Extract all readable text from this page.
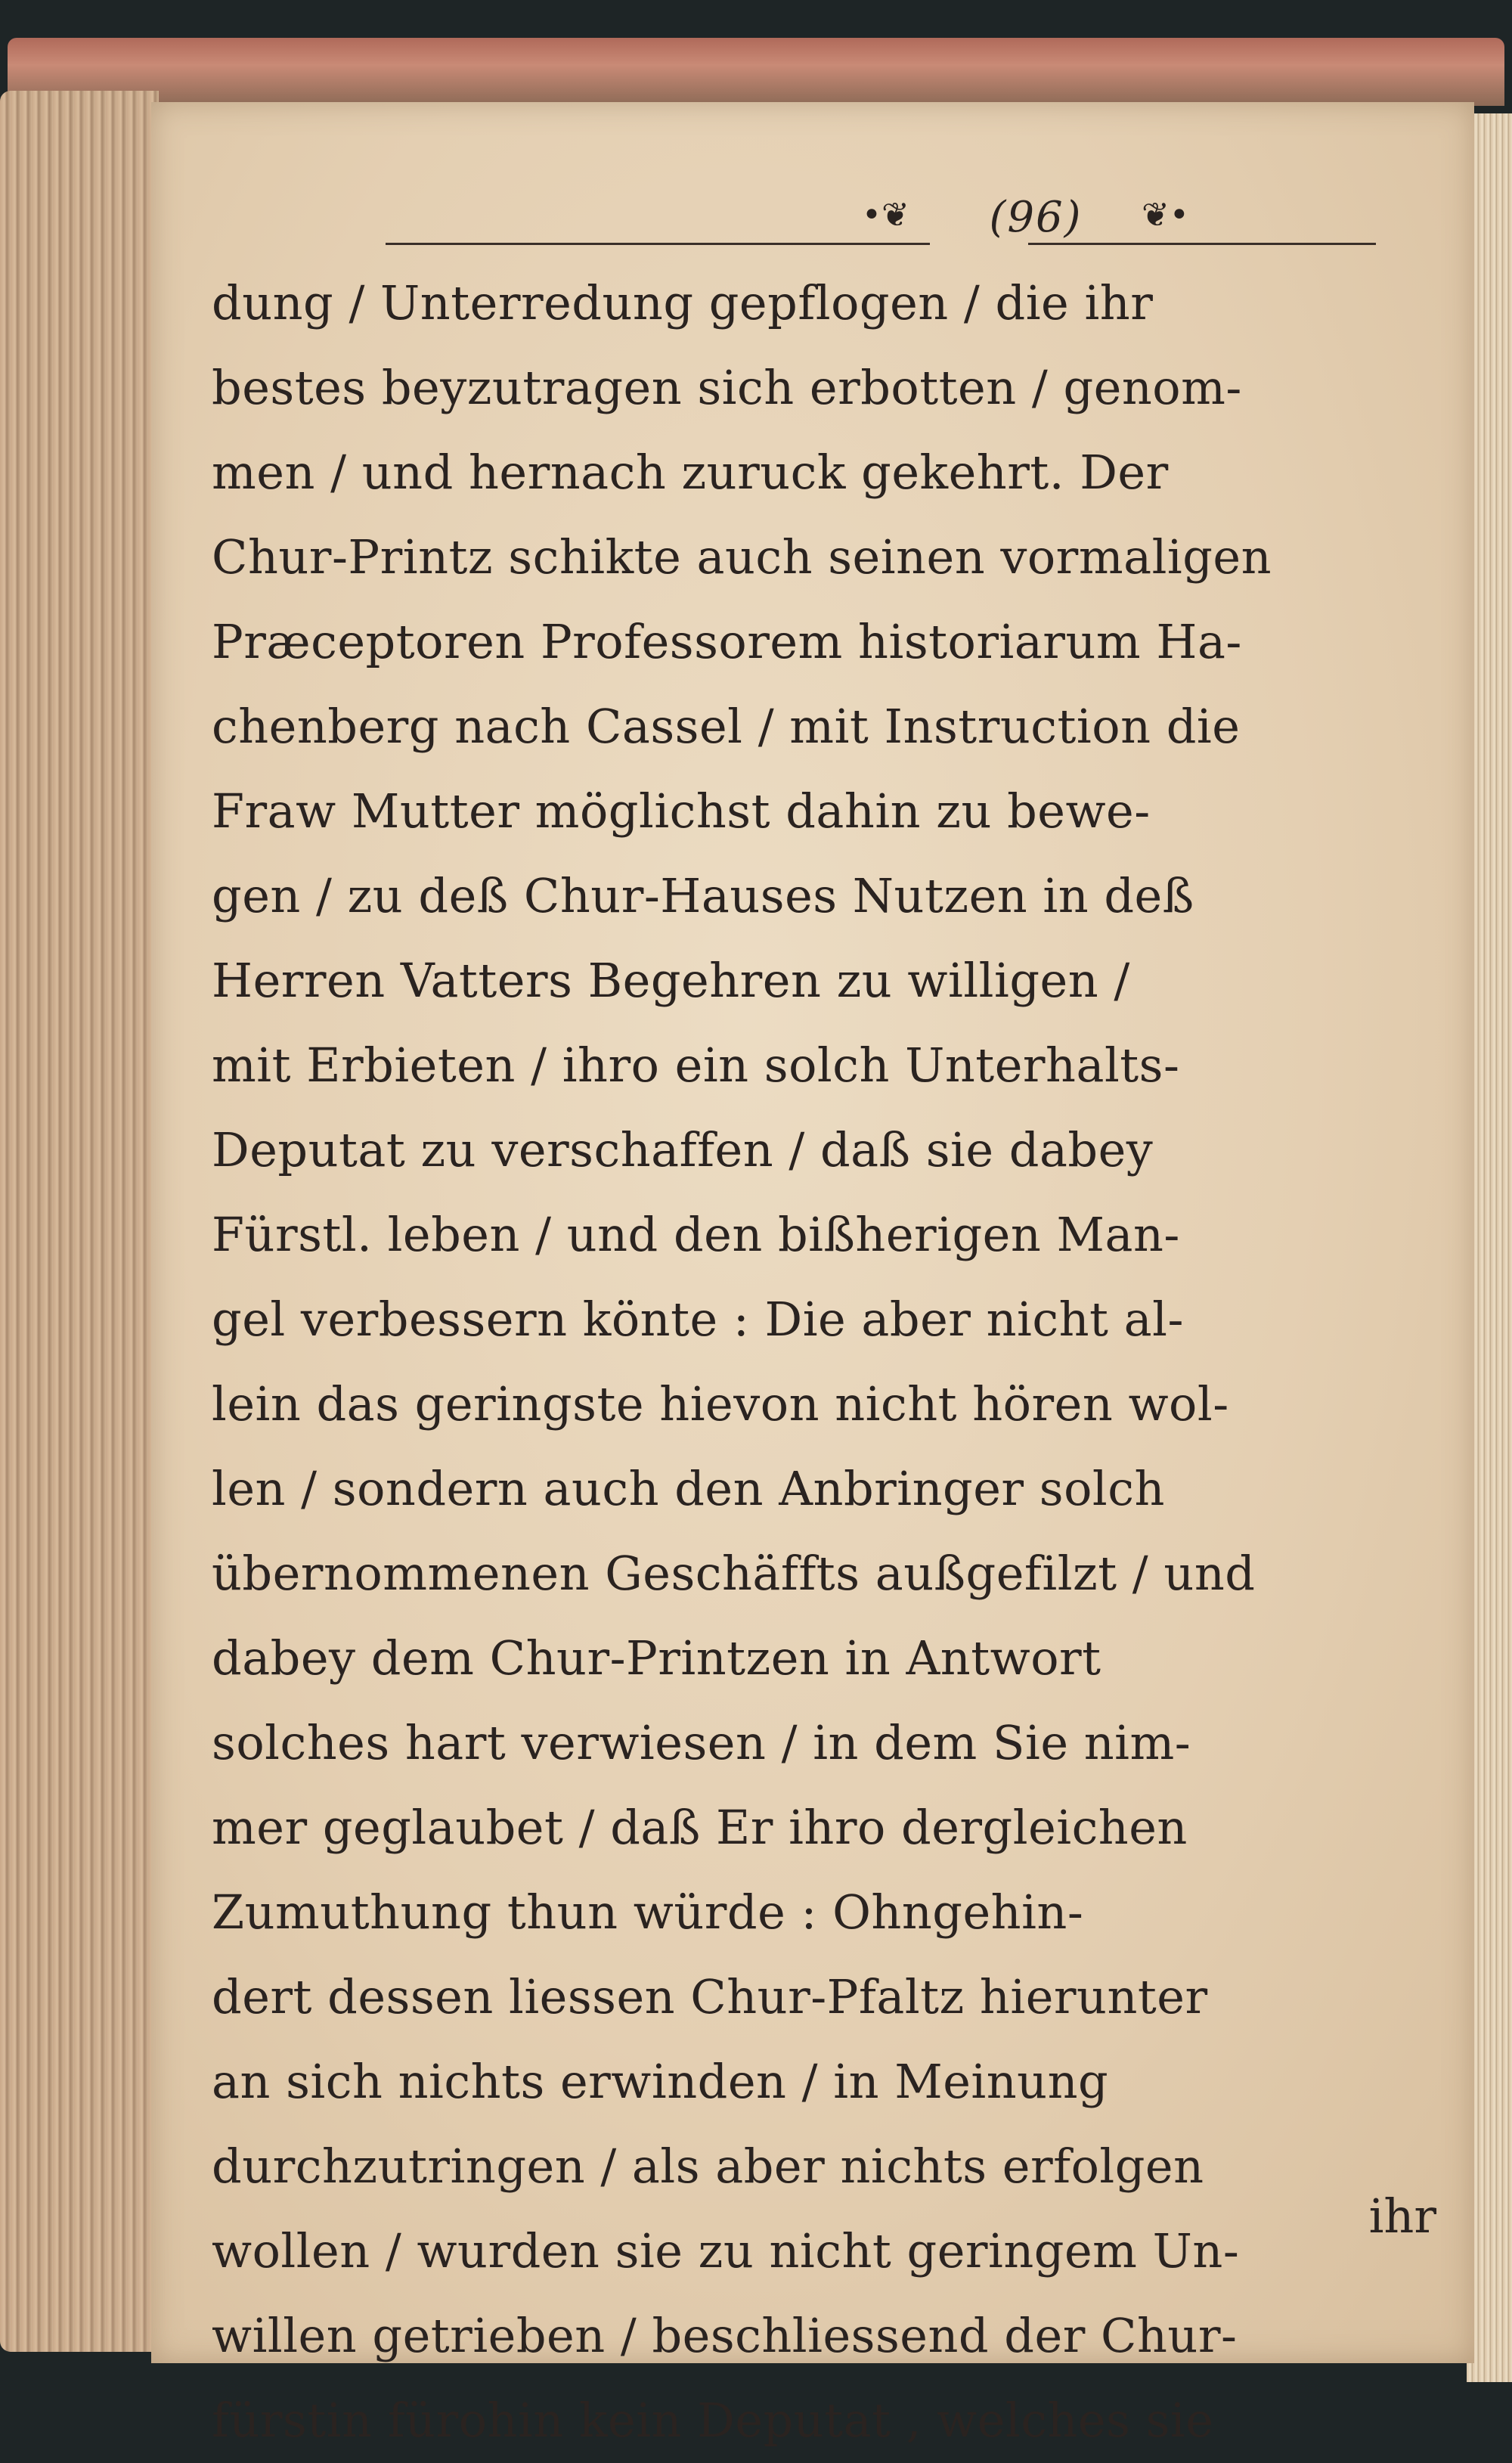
•❦	(96)	❦•
dung / Unterredung gepflogen / die ihr
bestes beyzutragen sich erbotten / genom-
men / und hernach zuruck gekehrt. Der
Chur-Printz schikte auch seinen vormaligen
Præceptoren Professorem historiarum Ha-
chenberg nach Cassel / mit Instruction die
Fraw Mutter möglichst dahin zu bewe-
gen / zu deß Chur-Hauses Nutzen in deß
Herren Vatters Begehren zu willigen /
mit Erbieten / ihro ein solch Unterhalts-
Deputat zu verschaffen / daß sie dabey
Fürstl. leben / und den bißherigen Man-
gel verbessern könte : Die aber nicht al-
lein das geringste hievon nicht hören wol-
len / sondern auch den Anbringer solch
übernommenen Geschäffts außgefilzt / und
dabey dem Chur-Printzen in Antwort
solches hart verwiesen / in dem Sie nim-
mer geglaubet / daß Er ihro dergleichen
Zumuthung thun würde : Ohngehin-
dert dessen liessen Chur-Pfaltz hierunter
an sich nichts erwinden / in Meinung
durchzutringen / als aber nichts erfolgen
wollen / wurden sie zu nicht geringem Un-
willen getrieben / beschliessend der Chur-
fürstin fürohin kein Deputat , welches sie
ihr
